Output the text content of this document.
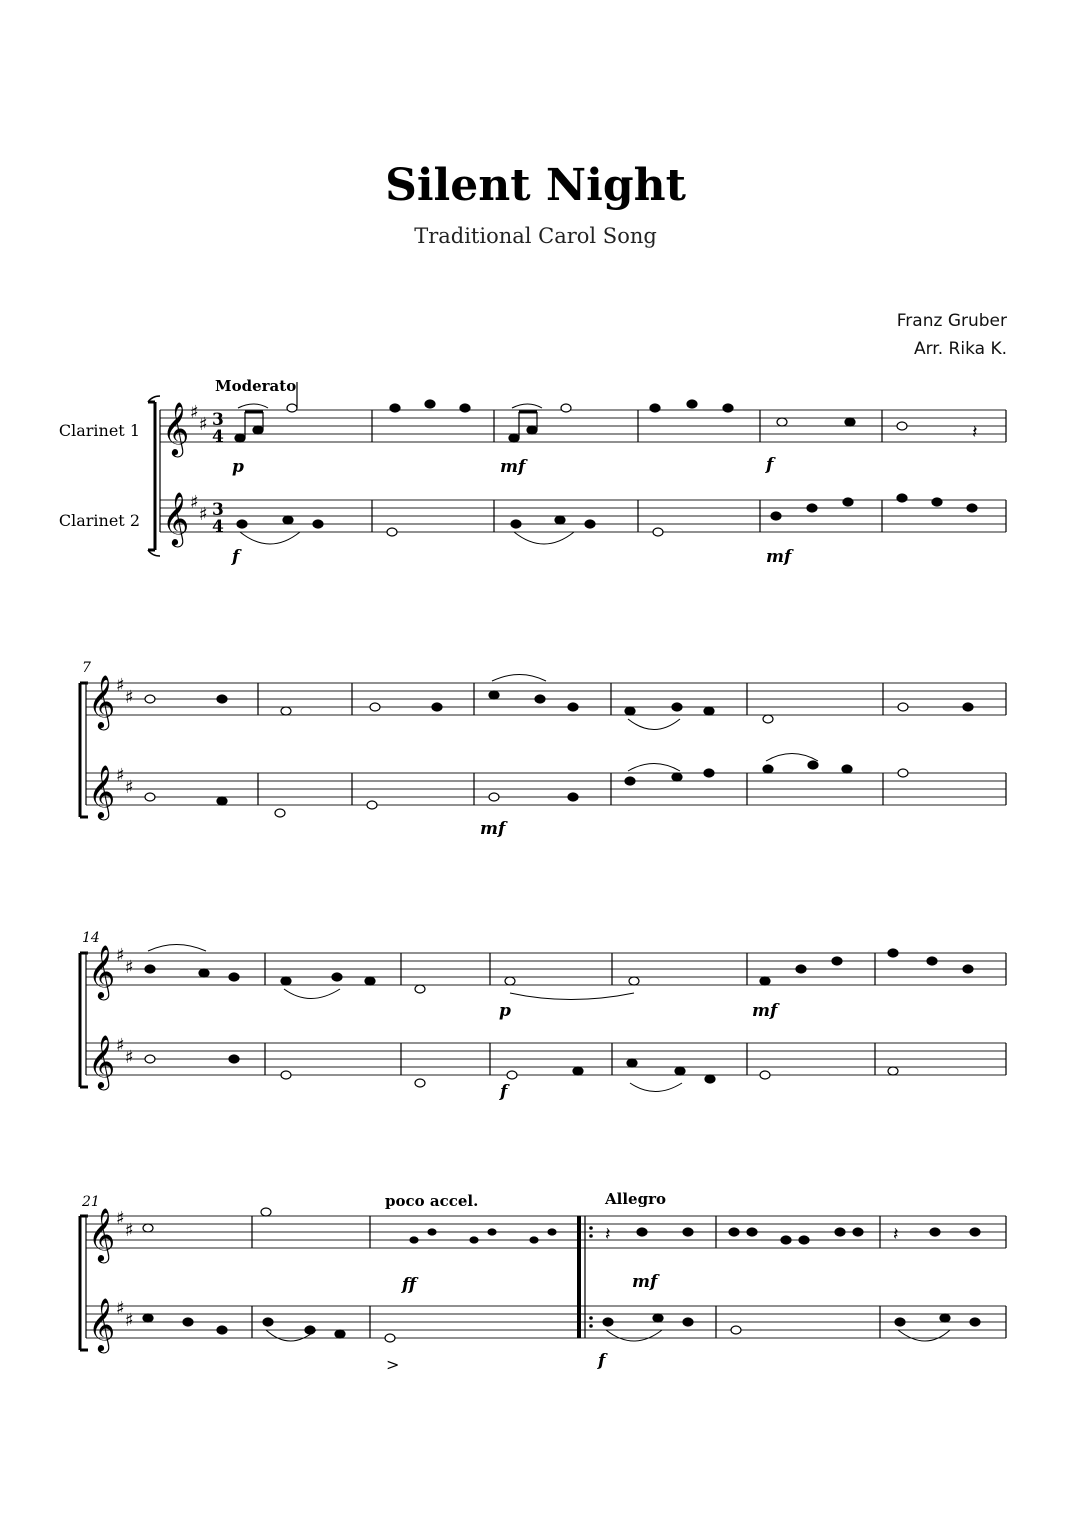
Silent Night
Traditional Carol Song
Franz Gruber
Arr. Rika K.
Clarinet 1
Clarinet 2
Moderato
𝄞
𝄞
♯
♯
♯
♯
3
4
3
4
𝄽
p	mf	f
f	mf
7
𝄞
𝄞
♯
♯
♯
♯
mf
14
𝄞
𝄞
♯
♯
♯
♯
p	mf
f
21	poco accel.	Allegro
𝄞
𝄞
♯
♯
♯
♯
𝄽	𝄽
>
ff	mf
f
